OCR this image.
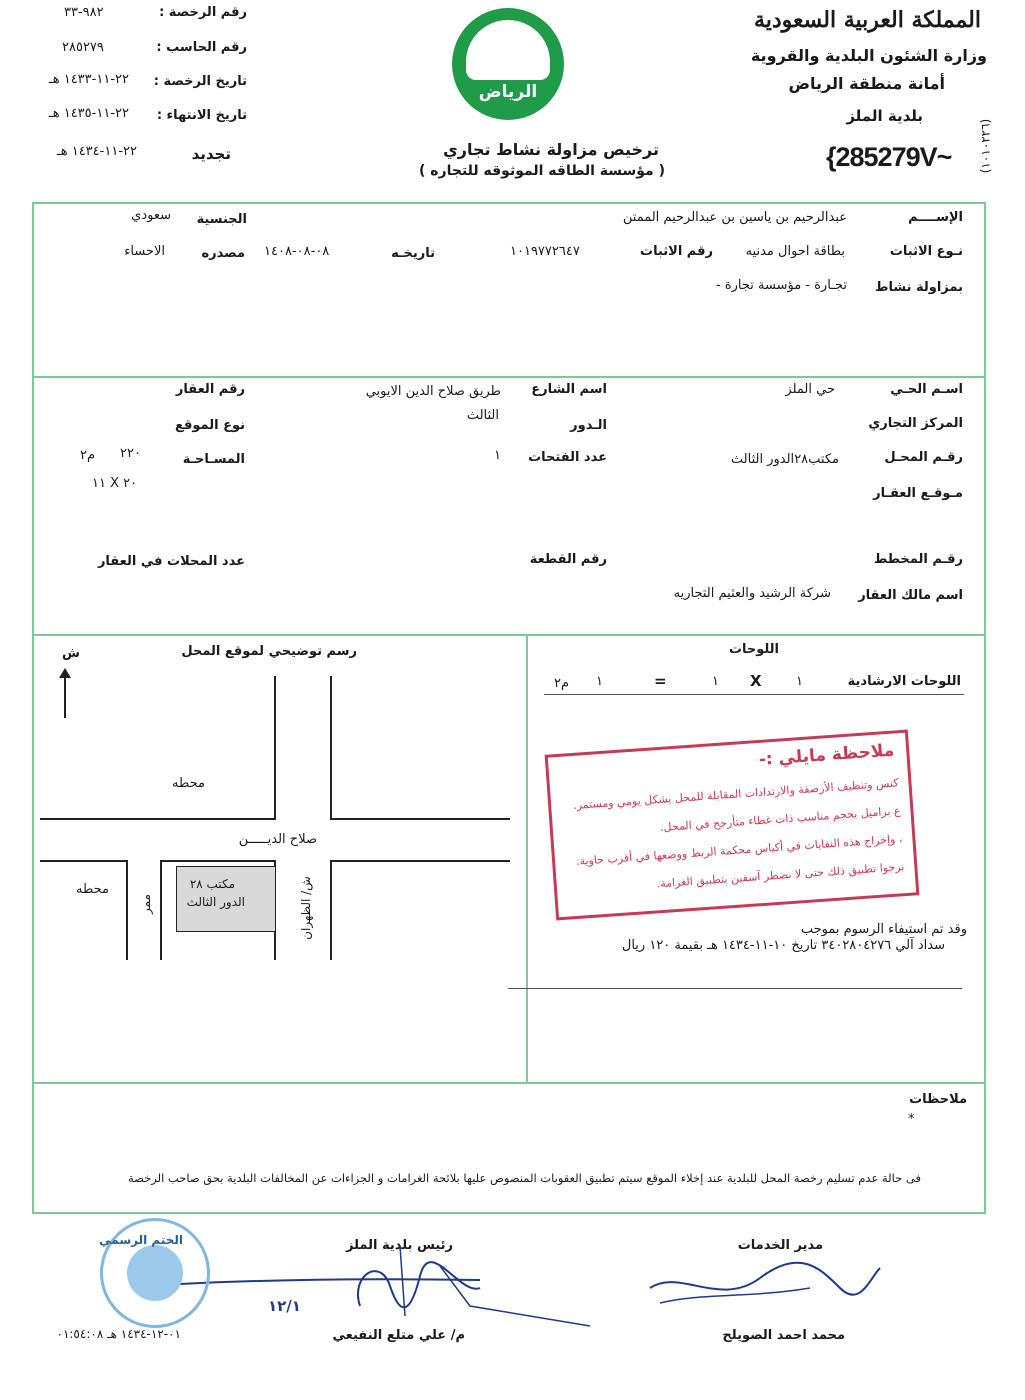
المملكة العربية السعودية
وزارة الشئون البلدية والقروية
أمانة منطقة الرياض
بلدية الملز
{285279V~ (١٠١٠٢٢٦)
الرياض
ترخيص مزاولة نشاط تجاري
( مؤسسة الطاقه الموثوقه للتجاره )
رقم الرخصة :
٩٨٢-٣٣
رقم الحاسب :
٢٨٥٢٧٩
تاريخ الرخصة :
٢٢-١١-١٤٣٣ هـ
تاريخ الانتهاء :
٢٢-١١-١٤٣٥ هـ
تجديد
٢٢-١١-١٤٣٤ هـ
الإســــم
عبدالرحيم بن ياسين بن عبدالرحيم الممتن
الجنسية
سعودي
نـوع الاثبات
بطاقة احوال مدنيه
رقم الاثبات
١٠١٩٧٧٢٦٤٧
تاريخـه
٠٨-٠٨-١٤٠٨
مصدره
الاحساء
بمزاولة نشاط
تجـارة - مؤسسة تجارة -
اسـم الحـي
حي الملز
اسم الشارع
طريق صلاح الدين الايوبي
رقم العقار
المركز التجاري
الـدور
الثالث
نوع الموقع
رقـم المحـل
مكتب٢٨الدور الثالث
عدد الفتحات
١
المسـاحـة
٢٢٠
م٢
١١ X ٢٠
مـوقـع العقـار
رقـم المخطط
رقم القطعة
عدد المحلات في العقار
اسم مالك العقار
شركة الرشيد والعثيم التجاريه
رسم توضيحي لموقع المحل
ش
مكتب ٢٨
الدور الثالث
محطه
محطه
صلاح الديـــــن
ممر	ش/ الظهران
اللوحات
اللوحات الارشادية
١
X
١
=
١
م٢
ملاحظة مايلي :-
كنس وتنظيف الأرصفة والارتدادات المقابلة للمحل بشكل يومي ومستمر.
ع براميل بحجم مناسب ذات غطاء متأرجح في المحل.
، وإخراج هذه النفايات في أكياس محكمة الربط ووضعها في أقرب حاوية.
نرجوا تطبيق ذلك حتى لا نضطر آسفين بتطبيق الغرامة.
وقد تم استيفاء الرسوم بموجب
سداد آلي ٣٤٠٢٨٠٤٢٧٦ تاريخ ١٠-١١-١٤٣٤ هـ بقيمة ١٢٠ ريال
ملاحظات
*
فى حالة عدم تسليم رخصة المحل للبلدية عند إخلاء الموقع سيتم تطبيق العقوبات المنصوص عليها بلائحة الغرامات و الجزاءات عن المخالفات البلدية بحق صاحب الرخصة
مدير الخدمات
محمد احمد الصويلح
رئيس بلدية الملز
م/ علي متلع النفيعي
١٢/١
الختم الرسمي
٠١-١٢-١٤٣٤ هـ ٠١:٥٤:٠٨
